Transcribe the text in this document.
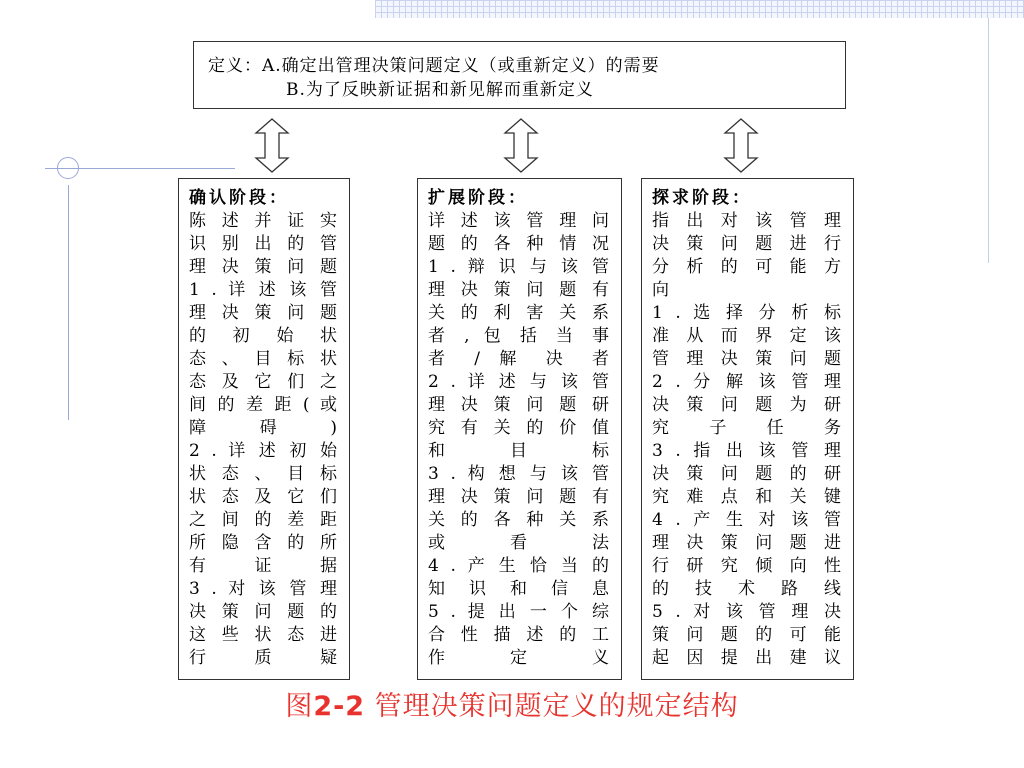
定义：A.确定出管理决策问题定义（或重新定义）的需要
B.为了反映新证据和新见解而重新定义
确认阶段：
陈 述 并 证 实
识 别 出 的 管
理 决 策 问 题
1 . 详 述 该 管
理 决 策 问 题
的 初 始 状
态 、 目 标 状
态 及 它 们 之
间 的 差 距 ( 或
障 碍 )
2 . 详 述 初 始
状 态 、 目 标
状 态 及 它 们
之 间 的 差 距
所 隐 含 的 所
有 证 据
3 . 对 该 管 理
决 策 问 题 的
这 些 状 态 进
行 质 疑
扩展阶段：
详 述 该 管 理 问
题 的 各 种 情 况
1 . 辩 识 与 该 管
理 决 策 问 题 有
关 的 利 害 关 系
者 , 包 括 当 事
者 / 解 决 者
2 . 详 述 与 该 管
理 决 策 问 题 研
究 有 关 的 价 值
和 目 标
3 . 构 想 与 该 管
理 决 策 问 题 有
关 的 各 种 关 系
或 看 法
4 . 产 生 恰 当 的
知 识 和 信 息
5 . 提 出 一 个 综
合 性 描 述 的 工
作 定 义
探求阶段：
指 出 对 该 管 理
决 策 问 题 进 行
分 析 的 可 能 方
向
1 . 选 择 分 析 标
准 从 而 界 定 该
管 理 决 策 问 题
2 . 分 解 该 管 理
决 策 问 题 为 研
究 子 任 务
3 . 指 出 该 管 理
决 策 问 题 的 研
究 难 点 和 关 键
4 . 产 生 对 该 管
理 决 策 问 题 进
行 研 究 倾 向 性
的 技 术 路 线
5 . 对 该 管 理 决
策 问 题 的 可 能
起 因 提 出 建 议
图2-2 管理决策问题定义的规定结构
